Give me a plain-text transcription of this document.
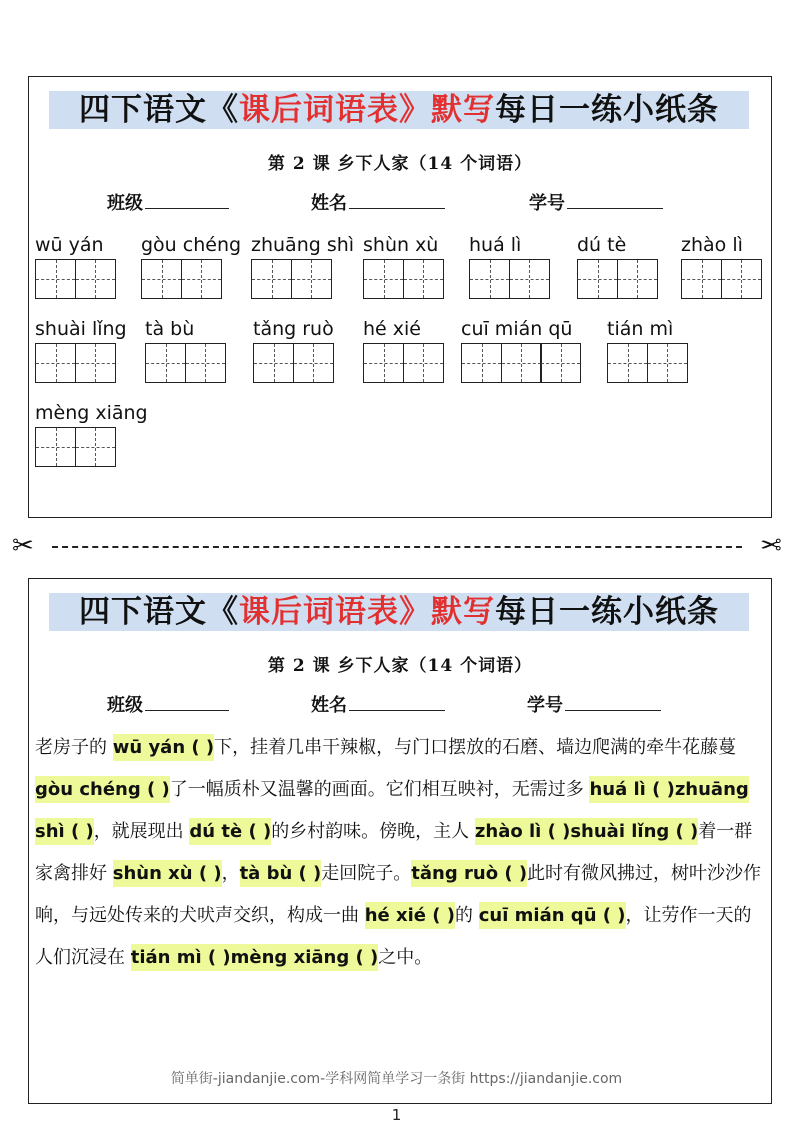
四下语文《课后词语表》默写每日一练小纸条
第 2 课 乡下人家（14 个词语）
班级	姓名	学号
wū yán	gòu chéng zhuāng shì shùn xù huá lì	dú tè	zhào lì
shuài lǐng tà bù	tǎng ruò hé xié	cuī mián qū	tián mì
mèng xiāng
✂	✂
四下语文《课后词语表》默写每日一练小纸条
第 2 课 乡下人家（14 个词语）
班级	姓名	学号
老房子的 wū yán ( )下，挂着几串干辣椒，与门口摆放的石磨、墙边爬满的牵牛花藤蔓 gòu chéng ( )了一幅质朴又温馨的画面。它们相互映衬，无需过多 huá lì ( )zhuāng shì ( )，就展现出 dú tè ( )的乡村韵味。傍晚，主人 zhào lì ( )shuài lǐng ( )着一群家禽排好 shùn xù ( )，tà bù ( )走回院子。tǎng ruò ( )此时有微风拂过，树叶沙沙作响，与远处传来的犬吠声交织，构成一曲 hé xié ( )的 cuī mián qū ( )，让劳作一天的人们沉浸在 tián mì ( )mèng xiāng ( )之中。
简单街-jiandanjie.com-学科网简单学习一条街 https://jiandanjie.com
1
